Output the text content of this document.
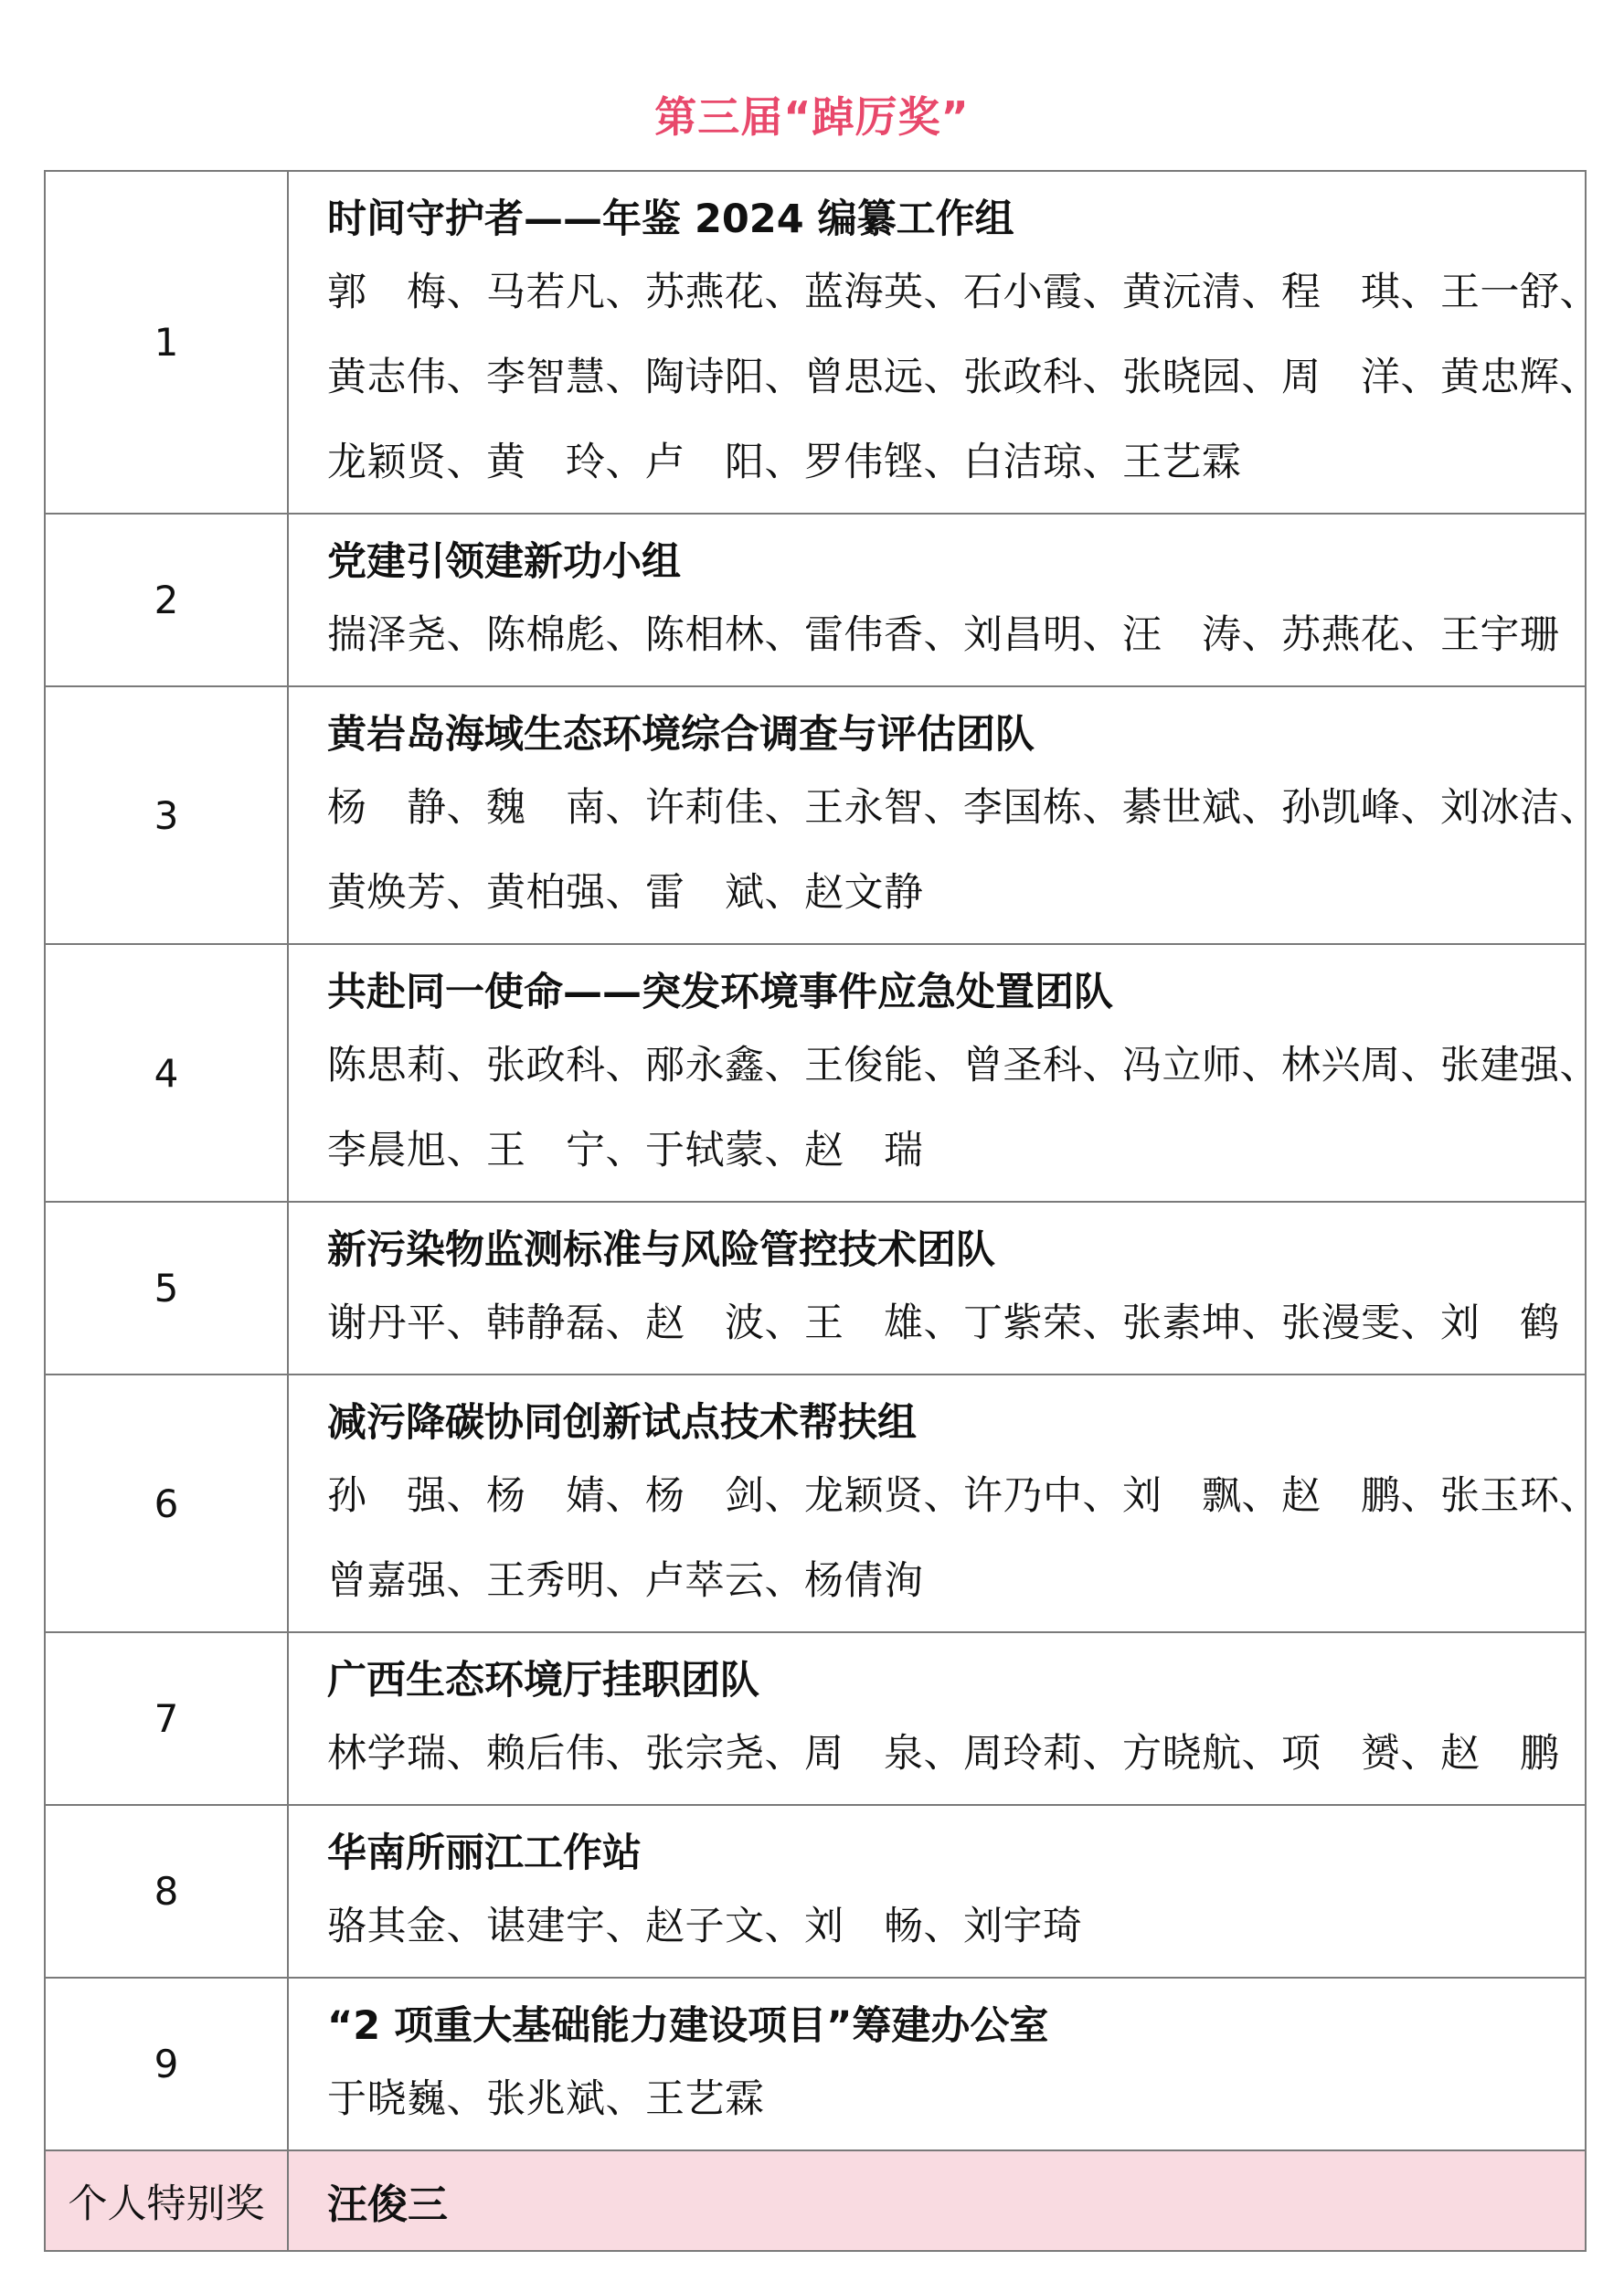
第三届“踔厉奖”
1	时间守护者——年鉴 2024 编纂工作组
郭　梅、马若凡、苏燕花、蓝海英、石小霞、黄沅清、程　琪、王一舒、
黄志伟、李智慧、陶诗阳、曾思远、张政科、张晓园、周　洋、黄忠辉、
龙颖贤、黄　玲、卢　阳、罗伟铿、白洁琼、王艺霖

2	党建引领建新功小组
揣泽尧、陈棉彪、陈相林、雷伟香、刘昌明、汪　涛、苏燕花、王宇珊

3	黄岩岛海域生态环境综合调查与评估团队
杨　静、魏　南、许莉佳、王永智、李国栋、綦世斌、孙凯峰、刘冰洁、
黄焕芳、黄柏强、雷　斌、赵文静

4	共赴同一使命——突发环境事件应急处置团队
陈思莉、张政科、邴永鑫、王俊能、曾圣科、冯立师、林兴周、张建强、
李晨旭、王　宁、于轼蒙、赵　瑞

5	新污染物监测标准与风险管控技术团队
谢丹平、韩静磊、赵　波、王　雄、丁紫荣、张素坤、张漫雯、刘　鹤

6	减污降碳协同创新试点技术帮扶组
孙　强、杨　婧、杨　剑、龙颖贤、许乃中、刘　飘、赵　鹏、张玉环、
曾嘉强、王秀明、卢萃云、杨倩洵

7	广西生态环境厅挂职团队
林学瑞、赖后伟、张宗尧、周　泉、周玲莉、方晓航、项　赟、赵　鹏

8	华南所丽江工作站
骆其金、谌建宇、赵子文、刘　畅、刘宇琦

9	“2 项重大基础能力建设项目”筹建办公室
于晓巍、张兆斌、王艺霖

个人特别奖	汪俊三
